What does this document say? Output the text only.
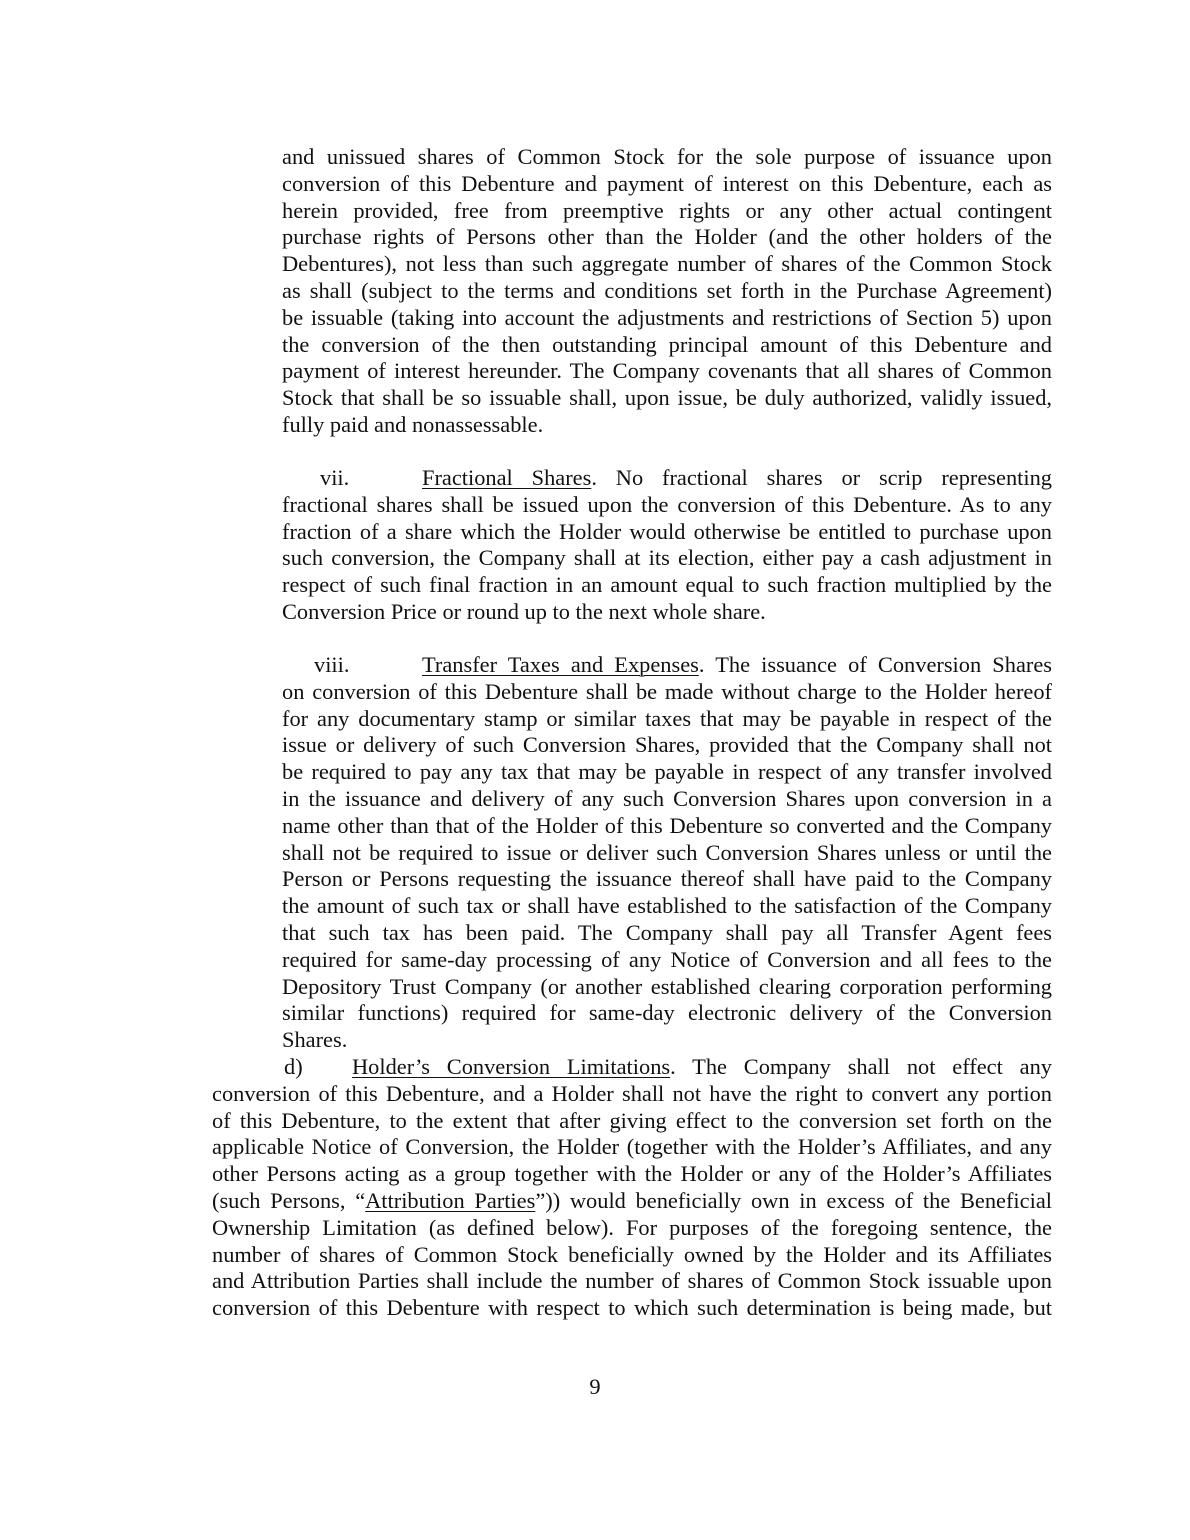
and unissued shares of Common Stock for the sole purpose of issuance upon
conversion of this Debenture and payment of interest on this Debenture, each as
herein provided, free from preemptive rights or any other actual contingent
purchase rights of Persons other than the Holder (and the other holders of the
Debentures), not less than such aggregate number of shares of the Common Stock
as shall (subject to the terms and conditions set forth in the Purchase Agreement)
be issuable (taking into account the adjustments and restrictions of Section 5) upon
the conversion of the then outstanding principal amount of this Debenture and
payment of interest hereunder. The Company covenants that all shares of Common
Stock that shall be so issuable shall, upon issue, be duly authorized, validly issued,
fully paid and nonassessable.
vii.	Fractional Shares. No fractional shares or scrip representing
fractional shares shall be issued upon the conversion of this Debenture. As to any
fraction of a share which the Holder would otherwise be entitled to purchase upon
such conversion, the Company shall at its election, either pay a cash adjustment in
respect of such final fraction in an amount equal to such fraction multiplied by the
Conversion Price or round up to the next whole share.
viii.	Transfer Taxes and Expenses. The issuance of Conversion Shares
on conversion of this Debenture shall be made without charge to the Holder hereof
for any documentary stamp or similar taxes that may be payable in respect of the
issue or delivery of such Conversion Shares, provided that the Company shall not
be required to pay any tax that may be payable in respect of any transfer involved
in the issuance and delivery of any such Conversion Shares upon conversion in a
name other than that of the Holder of this Debenture so converted and the Company
shall not be required to issue or deliver such Conversion Shares unless or until the
Person or Persons requesting the issuance thereof shall have paid to the Company
the amount of such tax or shall have established to the satisfaction of the Company
that such tax has been paid. The Company shall pay all Transfer Agent fees
required for same-day processing of any Notice of Conversion and all fees to the
Depository Trust Company (or another established clearing corporation performing
similar functions) required for same-day electronic delivery of the Conversion
Shares.
d) Holder’s Conversion Limitations. The Company shall not effect any
conversion of this Debenture, and a Holder shall not have the right to convert any portion
of this Debenture, to the extent that after giving effect to the conversion set forth on the
applicable Notice of Conversion, the Holder (together with the Holder’s Affiliates, and any
other Persons acting as a group together with the Holder or any of the Holder’s Affiliates
(such Persons, “Attribution Parties”)) would beneficially own in excess of the Beneficial
Ownership Limitation (as defined below). For purposes of the foregoing sentence, the
number of shares of Common Stock beneficially owned by the Holder and its Affiliates
and Attribution Parties shall include the number of shares of Common Stock issuable upon
conversion of this Debenture with respect to which such determination is being made, but
9
